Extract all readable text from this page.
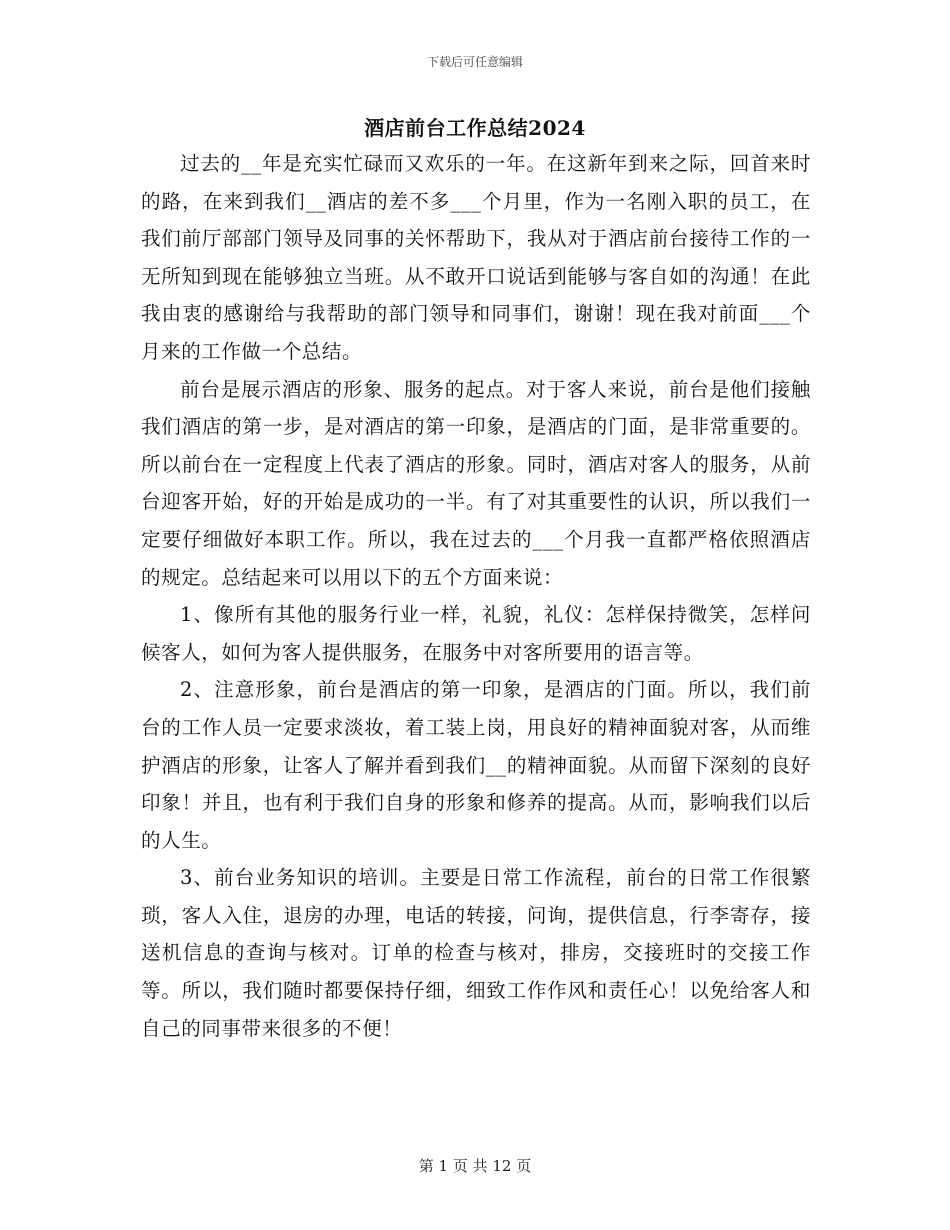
下载后可任意编辑
酒店前台工作总结2024

过去的__年是充实忙碌而又欢乐的一年。在这新年到来之际，回首来时的路，在来到我们__酒店的差不多___个月里，作为一名刚入职的员工，在我们前厅部部门领导及同事的关怀帮助下，我从对于酒店前台接待工作的一无所知到现在能够独立当班。从不敢开口说话到能够与客自如的沟通！在此我由衷的感谢给与我帮助的部门领导和同事们，谢谢！现在我对前面___个月来的工作做一个总结。

前台是展示酒店的形象、服务的起点。对于客人来说，前台是他们接触我们酒店的第一步，是对酒店的第一印象，是酒店的门面，是非常重要的。所以前台在一定程度上代表了酒店的形象。同时，酒店对客人的服务，从前台迎客开始，好的开始是成功的一半。有了对其重要性的认识，所以我们一定要仔细做好本职工作。所以，我在过去的___个月我一直都严格依照酒店的规定。总结起来可以用以下的五个方面来说：

1、像所有其他的服务行业一样，礼貌，礼仪：怎样保持微笑，怎样问候客人，如何为客人提供服务，在服务中对客所要用的语言等。

2、注意形象，前台是酒店的第一印象，是酒店的门面。所以，我们前台的工作人员一定要求淡妆，着工装上岗，用良好的精神面貌对客，从而维护酒店的形象，让客人了解并看到我们__的精神面貌。从而留下深刻的良好印象！并且，也有利于我们自身的形象和修养的提高。从而，影响我们以后的人生。

3、前台业务知识的培训。主要是日常工作流程，前台的日常工作很繁琐，客人入住，退房的办理，电话的转接，问询，提供信息，行李寄存，接送机信息的查询与核对。订单的检查与核对，排房，交接班时的交接工作等。所以，我们随时都要保持仔细，细致工作作风和责任心！以免给客人和自己的同事带来很多的不便！

第 1 页 共 12 页
